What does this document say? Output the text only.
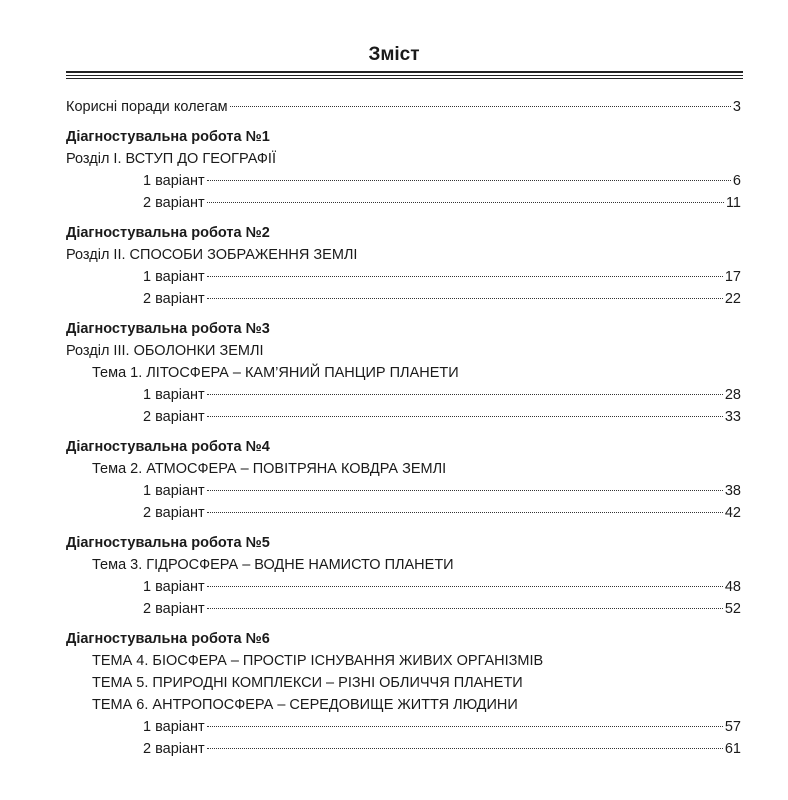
Зміст
Корисні поради колегам	3
Діагностувальна робота №1
Розділ І. ВСТУП ДО ГЕОГРАФІЇ
1 варіант	6
2 варіант	11
Діагностувальна робота №2
Розділ ІІ. СПОСОБИ ЗОБРАЖЕННЯ ЗЕМЛІ
1 варіант	17
2 варіант	22
Діагностувальна робота №3
Розділ ІІІ. ОБОЛОНКИ ЗЕМЛІ
Тема 1. ЛІТОСФЕРА – КАМ’ЯНИЙ ПАНЦИР ПЛАНЕТИ
1 варіант	28
2 варіант	33
Діагностувальна робота №4
Тема 2. АТМОСФЕРА – ПОВІТРЯНА КОВДРА ЗЕМЛІ
1 варіант	38
2 варіант	42
Діагностувальна робота №5
Тема 3. ГІДРОСФЕРА – ВОДНЕ НАМИСТО ПЛАНЕТИ
1 варіант	48
2 варіант	52
Діагностувальна робота №6
ТЕМА 4. БІОСФЕРА – ПРОСТІР ІСНУВАННЯ ЖИВИХ ОРГАНІЗМІВ
ТЕМА 5. ПРИРОДНІ КОМПЛЕКСИ – РІЗНІ ОБЛИЧЧЯ ПЛАНЕТИ
ТЕМА 6. АНТРОПОСФЕРА – СЕРЕДОВИЩЕ ЖИТТЯ ЛЮДИНИ
1 варіант	57
2 варіант	61
